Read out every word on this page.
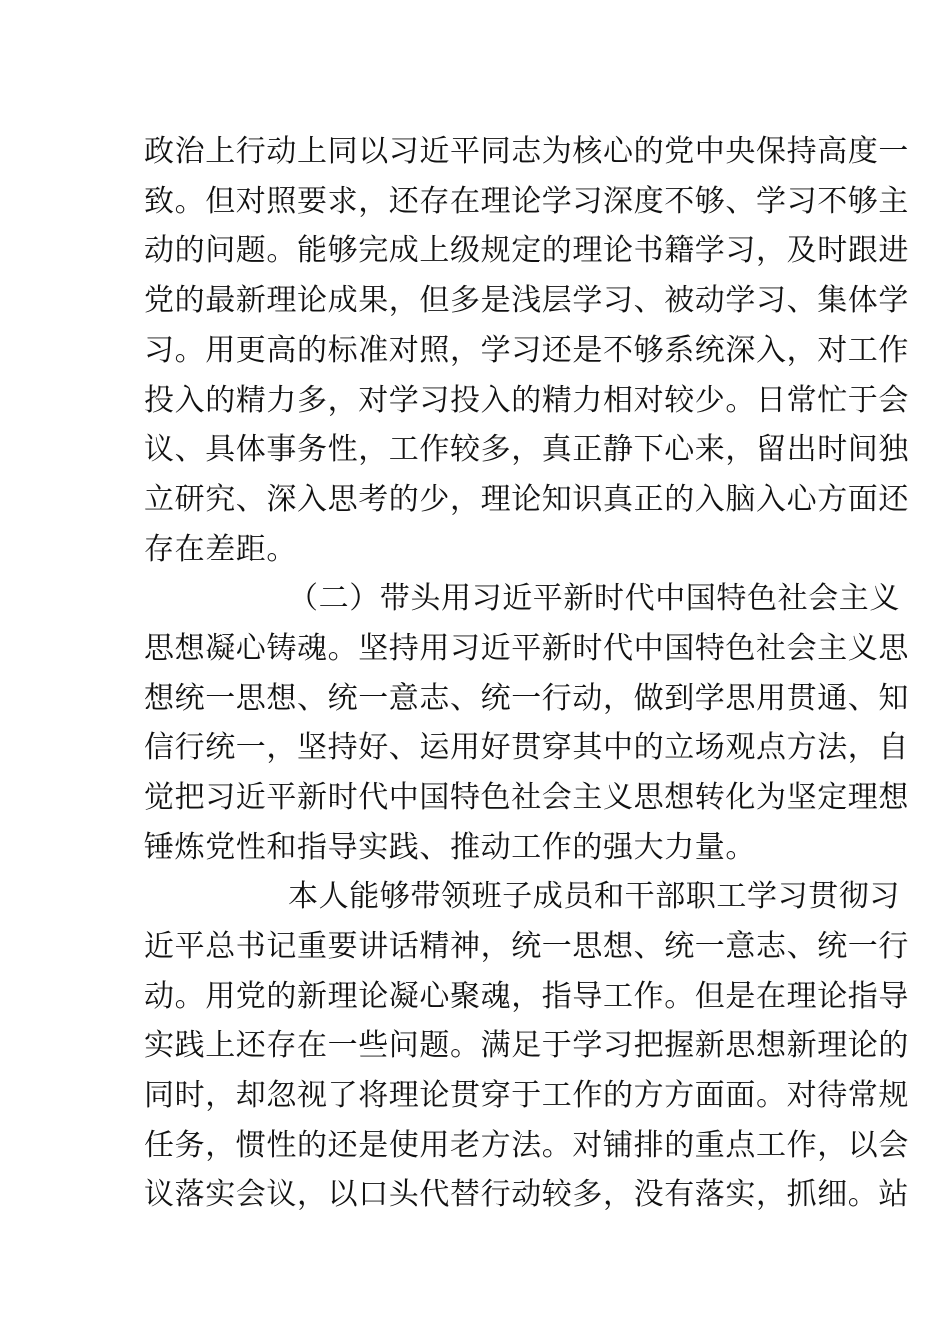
政治上行动上同以习近平同志为核心的党中央保持高度一
致。但对照要求，还存在理论学习深度不够、学习不够主
动的问题。能够完成上级规定的理论书籍学习，及时跟进
党的最新理论成果，但多是浅层学习、被动学习、集体学
习。用更高的标准对照，学习还是不够系统深入，对工作
投入的精力多，对学习投入的精力相对较少。日常忙于会
议、具体事务性，工作较多，真正静下心来，留出时间独
立研究、深入思考的少，理论知识真正的入脑入心方面还
存在差距。
（二）带头用习近平新时代中国特色社会主义
思想凝心铸魂。坚持用习近平新时代中国特色社会主义思
想统一思想、统一意志、统一行动，做到学思用贯通、知
信行统一，坚持好、运用好贯穿其中的立场观点方法，自
觉把习近平新时代中国特色社会主义思想转化为坚定理想
锤炼党性和指导实践、推动工作的强大力量。
本人能够带领班子成员和干部职工学习贯彻习
近平总书记重要讲话精神，统一思想、统一意志、统一行
动。用党的新理论凝心聚魂，指导工作。但是在理论指导
实践上还存在一些问题。满足于学习把握新思想新理论的
同时，却忽视了将理论贯穿于工作的方方面面。对待常规
任务，惯性的还是使用老方法。对铺排的重点工作，以会
议落实会议，以口头代替行动较多，没有落实，抓细。站
